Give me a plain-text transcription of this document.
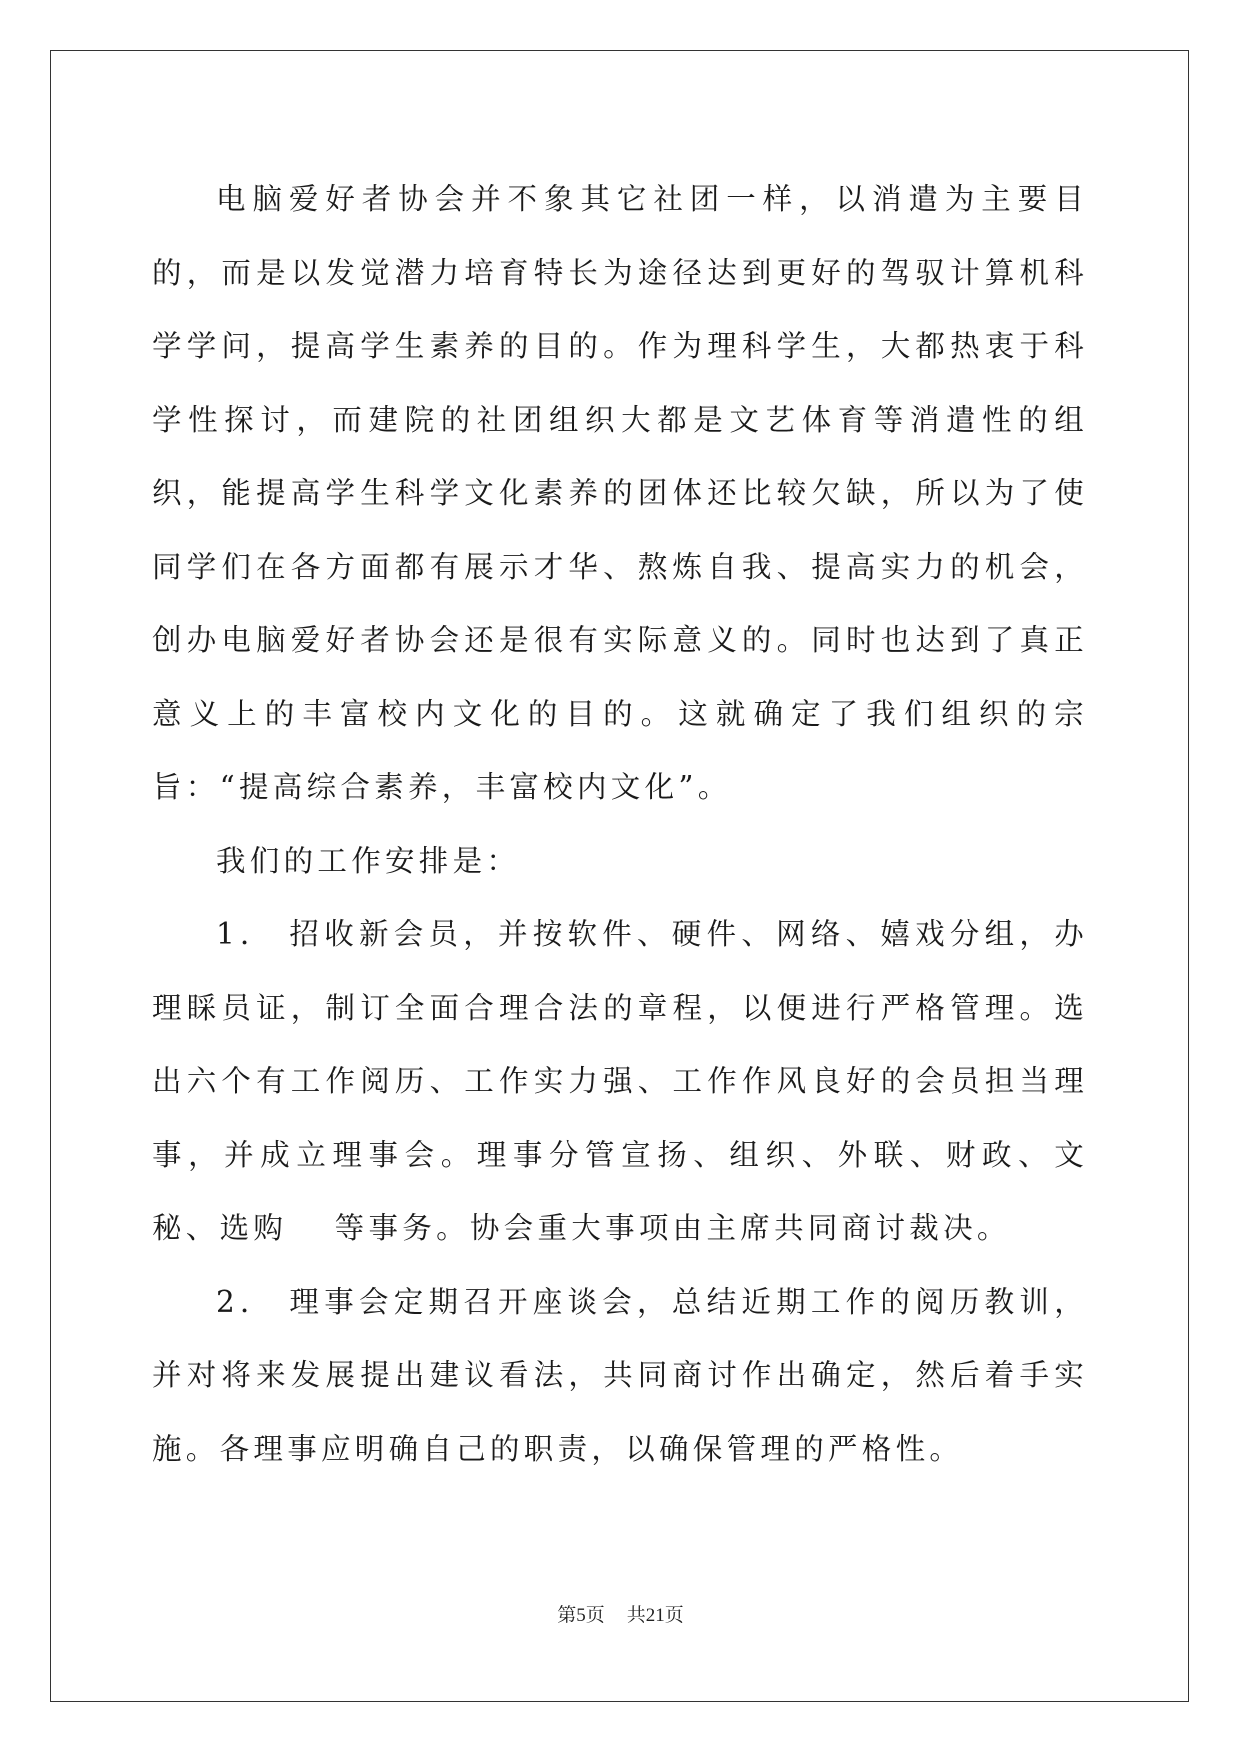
电脑爱好者协会并不象其它社团一样，以消遣为主要目的，而是以发觉潜力培育特长为途径达到更好的驾驭计算机科学学问，提高学生素养的目的。作为理科学生，大都热衷于科学性探讨，而建院的社团组织大都是文艺体育等消遣性的组织，能提高学生科学文化素养的团体还比较欠缺，所以为了使同学们在各方面都有展示才华、熬炼自我、提高实力的机会，创办电脑爱好者协会还是很有实际意义的。同时也达到了真正意义上的丰富校内文化的目的。这就确定了我们组织的宗旨：“提高综合素养，丰富校内文化”。

我们的工作安排是：

1． 招收新会员，并按软件、硬件、网络、嬉戏分组，办理睬员证，制订全面合理合法的章程，以便进行严格管理。选出六个有工作阅历、工作实力强、工作作风良好的会员担当理事，并成立理事会。理事分管宣扬、组织、外联、财政、文秘、选购　 等事务。协会重大事项由主席共同商讨裁决。

2． 理事会定期召开座谈会，总结近期工作的阅历教训，并对将来发展提出建议看法，共同商讨作出确定，然后着手实施。各理事应明确自己的职责，以确保管理的严格性。

第5页 共21页
